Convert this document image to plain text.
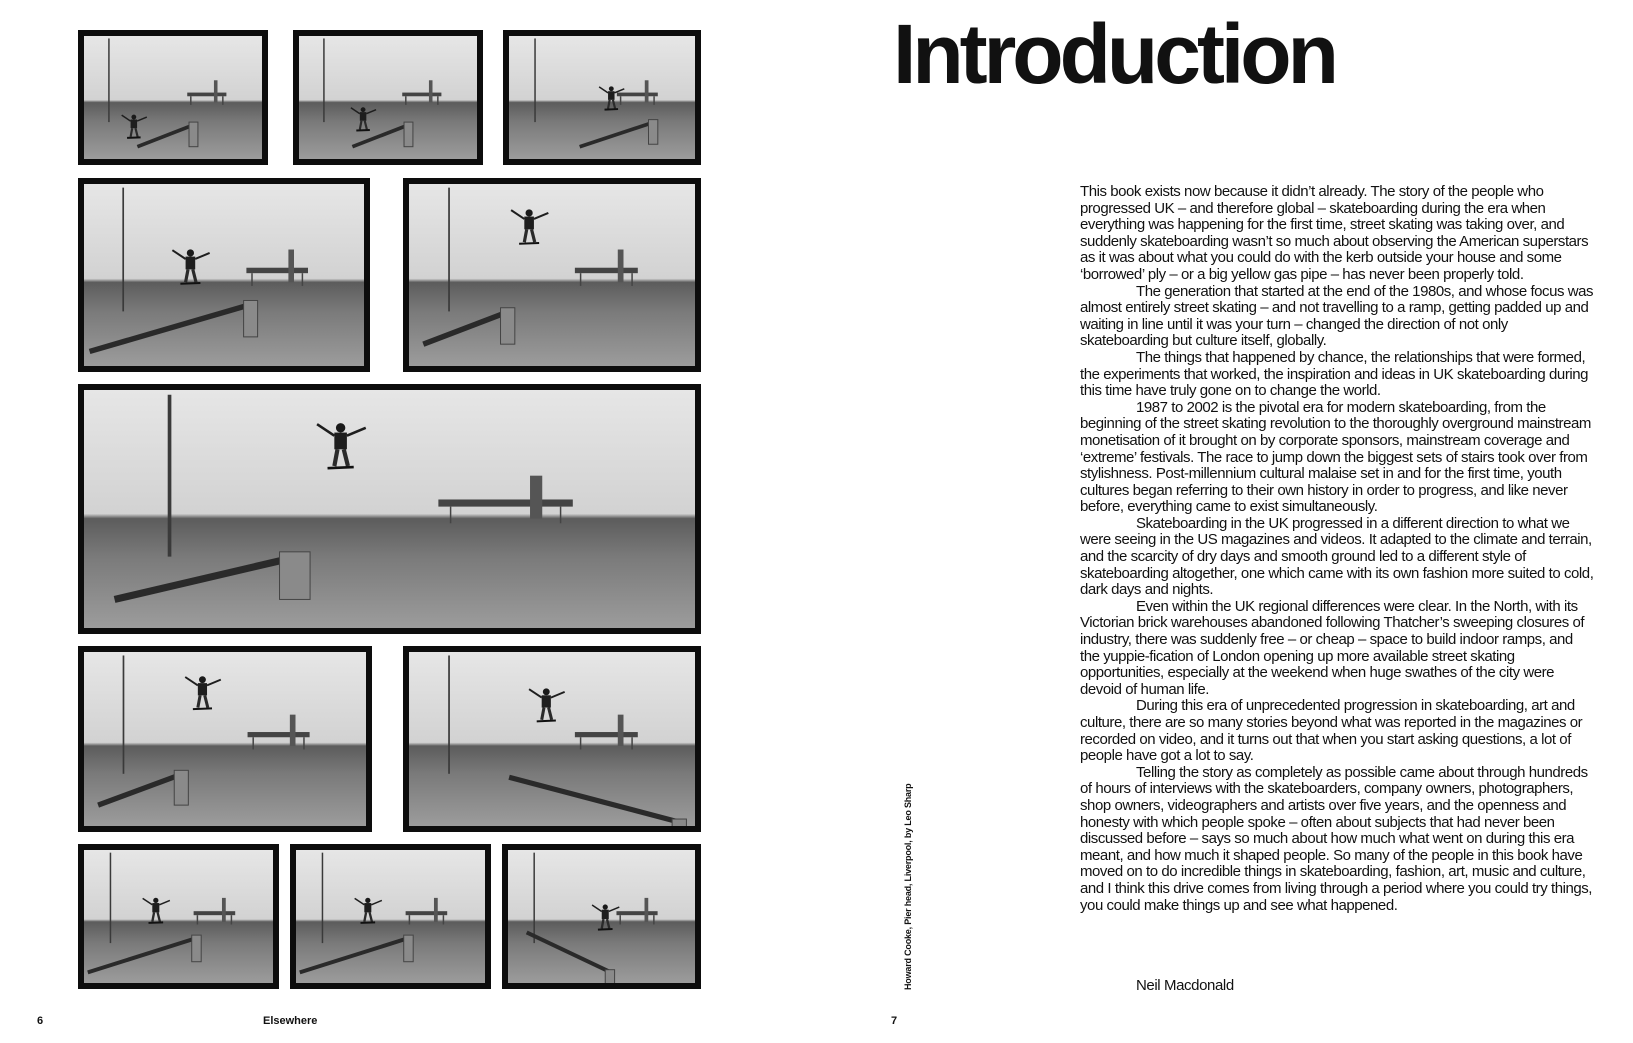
6	Elsewhere
Introduction
Howard Cooke, Pier head, Liverpool, by Leo Sharp

This book exists now because it didn’t already. The story of the people who progressed UK – and therefore global – skateboarding during the era when everything was happening for the first time, street skating was taking over, and suddenly skateboarding wasn’t so much about observing the American superstars as it was about what you could do with the kerb outside your house and some ‘borrowed’ ply – or a big yellow gas pipe – has never been properly told.

The generation that started at the end of the 1980s, and whose focus was almost entirely street skating – and not travelling to a ramp, getting padded up and waiting in line until it was your turn – changed the direction of not only skateboarding but culture itself, globally.

The things that happened by chance, the relationships that were formed, the experiments that worked, the inspiration and ideas in UK skateboarding during this time have truly gone on to change the world.

1987 to 2002 is the pivotal era for modern skateboarding, from the beginning of the street skating revolution to the thoroughly overground mainstream monetisation of it brought on by corporate sponsors, mainstream coverage and ‘extreme’ festivals. The race to jump down the biggest sets of stairs took over from stylishness. Post-millennium cultural malaise set in and for the first time, youth cultures began referring to their own history in order to progress, and like never before, everything came to exist simultaneously.

Skateboarding in the UK progressed in a different direction to what we were seeing in the US magazines and videos. It adapted to the climate and terrain, and the scarcity of dry days and smooth ground led to a different style of skateboarding altogether, one which came with its own fashion more suited to cold, dark days and nights.

Even within the UK regional differences were clear. In the North, with its Victorian brick warehouses abandoned following Thatcher’s sweeping closures of industry, there was suddenly free – or cheap – space to build indoor ramps, and the yuppie-fication of London opening up more available street skating opportunities, especially at the weekend when huge swathes of the city were devoid of human life.

During this era of unprecedented progression in skateboarding, art and culture, there are so many stories beyond what was reported in the magazines or recorded on video, and it turns out that when you start asking questions, a lot of people have got a lot to say.

Telling the story as completely as possible came about through hundreds of hours of interviews with the skateboarders, company owners, photographers, shop owners, videographers and artists over five years, and the openness and honesty with which people spoke – often about subjects that had never been discussed before – says so much about how much what went on during this era meant, and how much it shaped people. So many of the people in this book have moved on to do incredible things in skateboarding, fashion, art, music and culture, and I think this drive comes from living through a period where you could try things, you could make things up and see what happened.

Neil Macdonald
7
